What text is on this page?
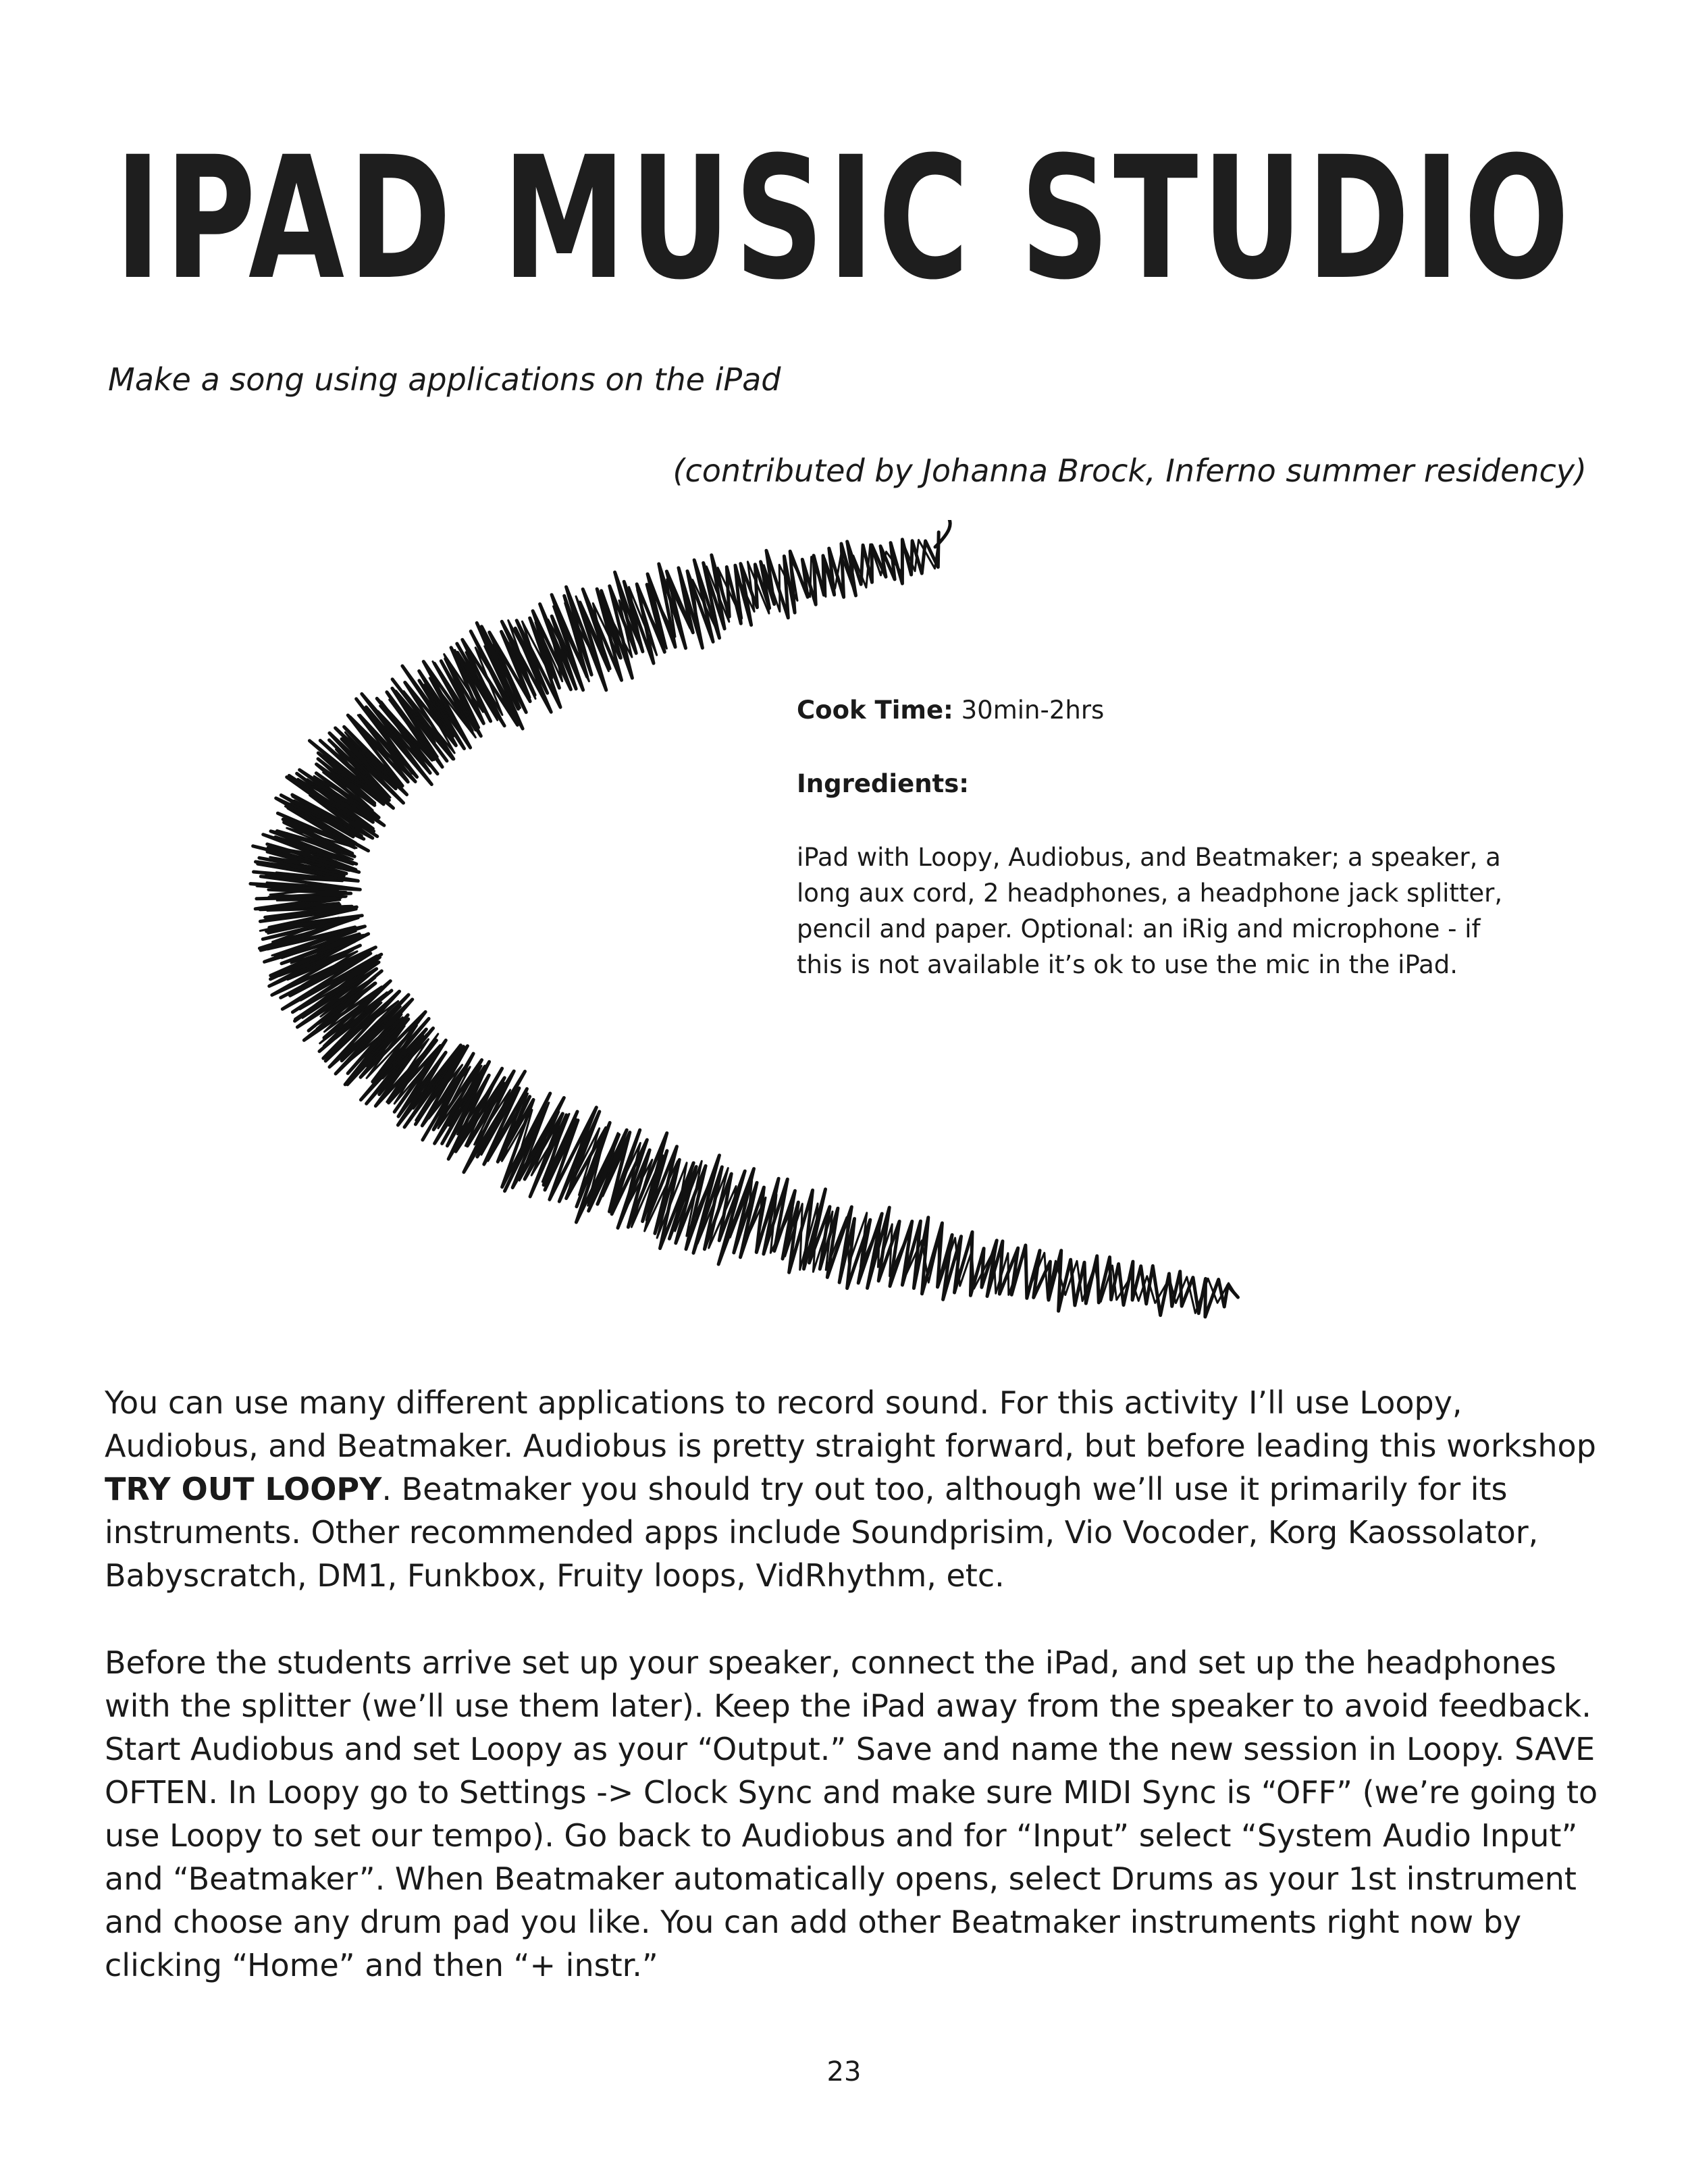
IPAD MUSIC STUDIO
Make a song using applications on the iPad
(contributed by Johanna Brock, Inferno summer residency)

Cook Time: 30min-2hrs

Ingredients:

iPad with Loopy, Audiobus, and Beatmaker; a speaker, a long aux cord, 2 headphones, a headphone jack splitter, pencil and paper. Optional: an iRig and microphone - if this is not available it’s ok to use the mic in the iPad.

You can use many different applications to record sound. For this activity I’ll use Loopy, Audiobus, and Beatmaker. Audiobus is pretty straight forward, but before leading this workshop TRY OUT LOOPY. Beatmaker you should try out too, although we’ll use it primarily for its instruments. Other recommended apps include Soundprisim, Vio Vocoder, Korg Kaossolator, Babyscratch, DM1, Funkbox, Fruity loops, VidRhythm, etc.

Before the students arrive set up your speaker, connect the iPad, and set up the headphones with the splitter (we’ll use them later). Keep the iPad away from the speaker to avoid feedback. Start Audiobus and set Loopy as your “Output.” Save and name the new session in Loopy. SAVE OFTEN. In Loopy go to Settings -> Clock Sync and make sure MIDI Sync is “OFF” (we’re going to use Loopy to set our tempo). Go back to Audiobus and for “Input” select “System Audio Input” and “Beatmaker”. When Beatmaker automatically opens, select Drums as your 1st instrument and choose any drum pad you like. You can add other Beatmaker instruments right now by clicking “Home” and then “+ instr.”

23
